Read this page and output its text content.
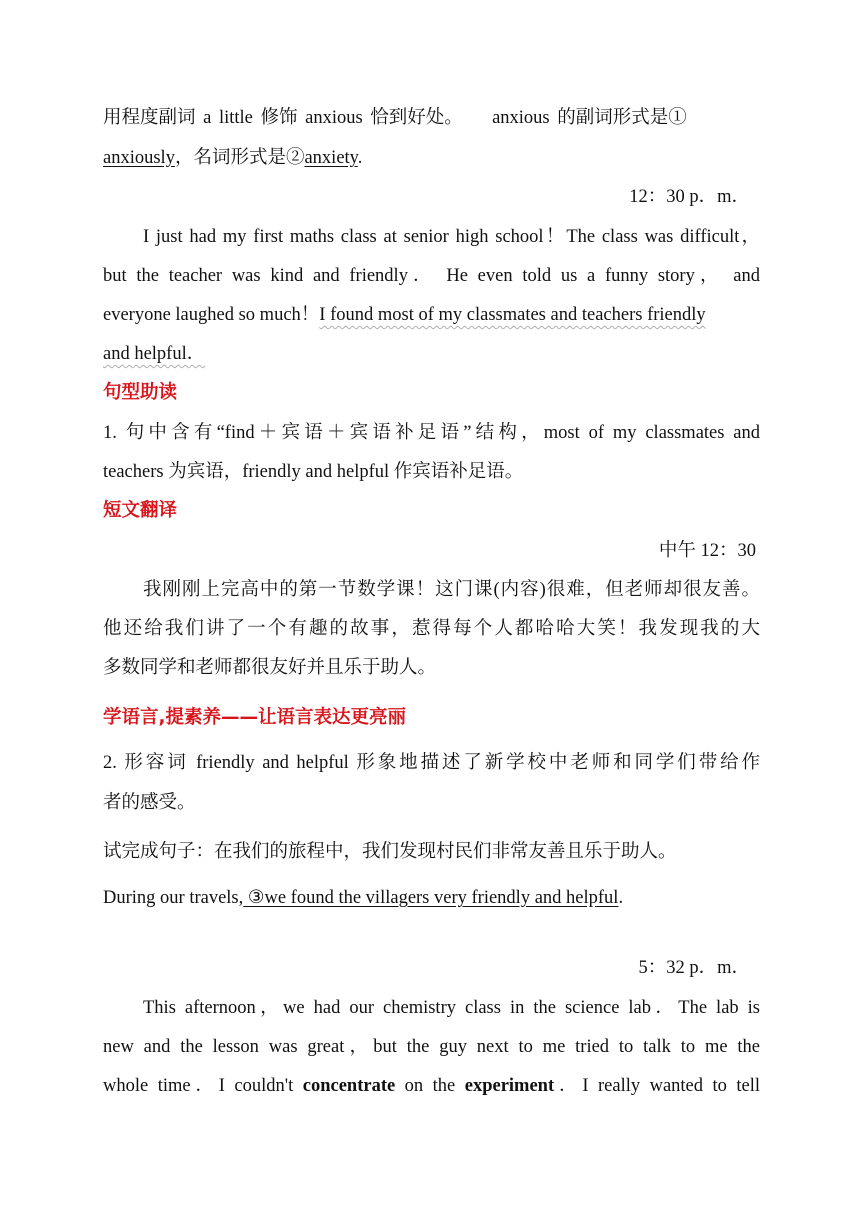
用程度副词 a little 修饰 anxious 恰到好处。 anxious 的副词形式是①
anxiously，名词形式是②anxiety.
12：30 p．m．
I just had my first maths class at senior high school！The class was difficult，
but the teacher was kind and friendly． He even told us a funny story， and
everyone laughed so much！I found most of my classmates and teachers friendly
and helpful．
句型助读
1. 句中含有“find＋宾语＋宾语补足语”结构，most of my classmates and
teachers 为宾语，friendly and helpful 作宾语补足语。
短文翻译
中午 12：30
我刚刚上完高中的第一节数学课！这门课(内容)很难，但老师却很友善。
他还给我们讲了一个有趣的故事，惹得每个人都哈哈大笑！我发现我的大
多数同学和老师都很友好并且乐于助人。
学语言,提素养——让语言表达更亮丽
2. 形容词 friendly and helpful 形象地描述了新学校中老师和同学们带给作
者的感受。
试完成句子：在我们的旅程中，我们发现村民们非常友善且乐于助人。
During our travels, ③we found the villagers very friendly and helpful.
5：32 p．m．
This afternoon，we had our chemistry class in the science lab．The lab is
new and the lesson was great，but the guy next to me tried to talk to me the
whole time．I couldn't concentrate on the experiment．I really wanted to tell
